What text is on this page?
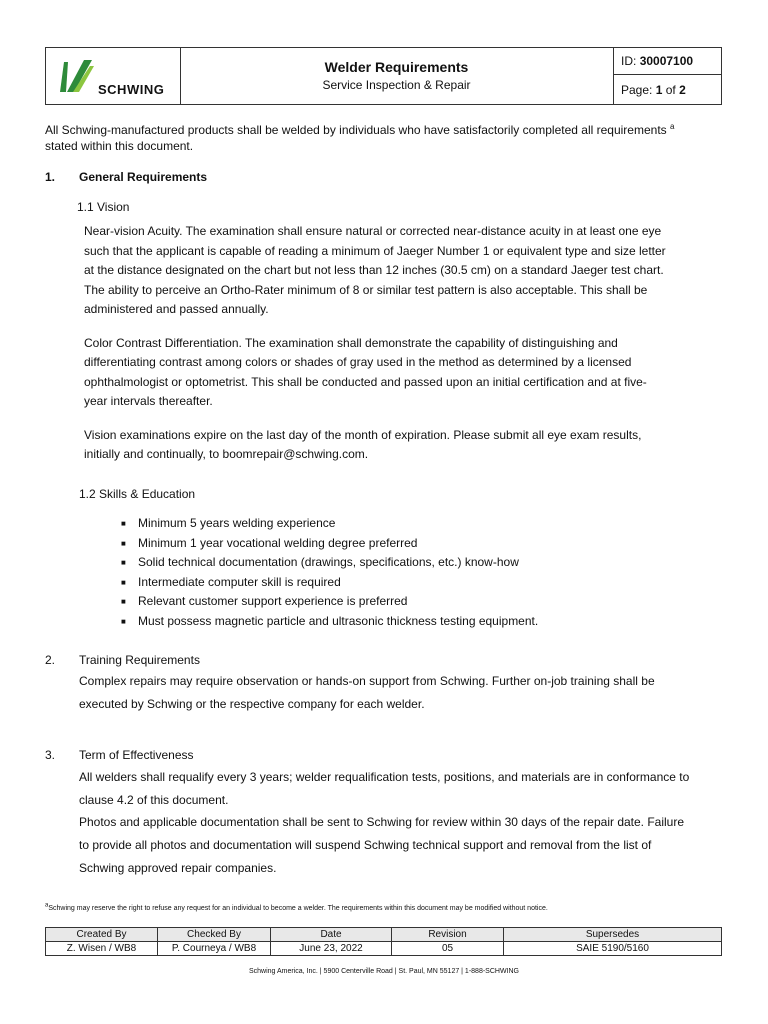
SCHWING
Welder Requirements
Service Inspection & Repair
ID: 30007100
Page: 1 of 2
All Schwing-manufactured products shall be welded by individuals who have satisfactorily completed all requirements $^a$
stated within this document.
1. General Requirements
1.1 Vision
Near-vision Acuity. The examination shall ensure natural or corrected near-distance acuity in at least one eye
such that the applicant is capable of reading a minimum of Jaeger Number 1 or equivalent type and size letter
at the distance designated on the chart but not less than 12 inches (30.5 cm) on a standard Jaeger test chart.
The ability to perceive an Ortho-Rater minimum of 8 or similar test pattern is also acceptable. This shall be
administered and passed annually.
Color Contrast Differentiation. The examination shall demonstrate the capability of distinguishing and
differentiating contrast among colors or shades of gray used in the method as determined by a licensed
ophthalmologist or optometrist. This shall be conducted and passed upon an initial certification and at five-
year intervals thereafter.
Vision examinations expire on the last day of the month of expiration. Please submit all eye exam results,
initially and continually, to boomrepair@schwing.com.
1.2 Skills & Education
■ Minimum 5 years welding experience
■ Minimum 1 year vocational welding degree preferred
■ Solid technical documentation (drawings, specifications, etc.) know-how
■ Intermediate computer skill is required
■ Relevant customer support experience is preferred
■ Must possess magnetic particle and ultrasonic thickness testing equipment.
2. Training Requirements
Complex repairs may require observation or hands-on support from Schwing. Further on-job training shall be
executed by Schwing or the respective company for each welder.
3. Term of Effectiveness
All welders shall requalify every 3 years; welder requalification tests, positions, and materials are in conformance to
clause 4.2 of this document.
Photos and applicable documentation shall be sent to Schwing for review within 30 days of the repair date. Failure
to provide all photos and documentation will suspend Schwing technical support and removal from the list of
Schwing approved repair companies.
aSchwing may reserve the right to refuse any request for an individual to become a welder. The requirements within this document may be modified without notice.
Created By	Checked By	Date	Revision	Supersedes
Z. Wisen / WB8	P. Courneya / WB8	June 23, 2022	05	SAIE 5190/5160
Schwing America, Inc. | 5900 Centerville Road | St. Paul, MN 55127 | 1-888-SCHWING
